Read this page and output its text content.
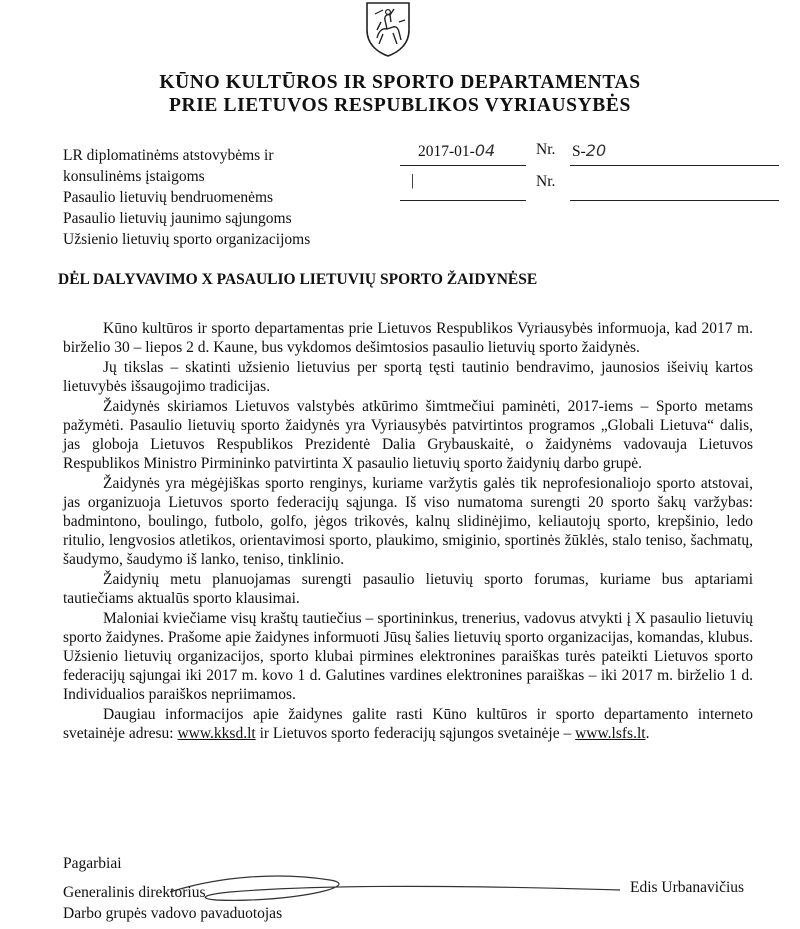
KŪNO KULTŪROS IR SPORTO DEPARTAMENTAS
PRIE LIETUVOS RESPUBLIKOS VYRIAUSYBĖS
LR diplomatinėms atstovybėms ir
konsulinėms įstaigoms
Pasaulio lietuvių bendruomenėms
Pasaulio lietuvių jaunimo sąjungoms
Užsienio lietuvių sporto organizacijoms
2017-01-04	Nr. S-20
|	Nr.
DĖL DALYVAVIMO X PASAULIO LIETUVIŲ SPORTO ŽAIDYNĖSE

Kūno kultūros ir sporto departamentas prie Lietuvos Respublikos Vyriausybės informuoja, kad 2017 m. birželio 30 – liepos 2 d. Kaune, bus vykdomos dešimtosios pasaulio lietuvių sporto žaidynės.

Jų tikslas – skatinti užsienio lietuvius per sportą tęsti tautinio bendravimo, jaunosios išeivių kartos lietuvybės išsaugojimo tradicijas.

Žaidynės skiriamos Lietuvos valstybės atkūrimo šimtmečiui paminėti, 2017-iems – Sporto metams pažymėti. Pasaulio lietuvių sporto žaidynės yra Vyriausybės patvirtintos programos „Globali Lietuva“ dalis, jas globoja Lietuvos Respublikos Prezidentė Dalia Grybauskaitė, o žaidynėms vadovauja Lietuvos Respublikos Ministro Pirmininko patvirtinta X pasaulio lietuvių sporto žaidynių darbo grupė.

Žaidynės yra mėgėjiškas sporto renginys, kuriame varžytis galės tik neprofesionaliojo sporto atstovai, jas organizuoja Lietuvos sporto federacijų sąjunga. Iš viso numatoma surengti 20 sporto šakų varžybas: badmintono, boulingo, futbolo, golfo, jėgos trikovės, kalnų slidinėjimo, keliautojų sporto, krepšinio, ledo ritulio, lengvosios atletikos, orientavimosi sporto, plaukimo, smiginio, sportinės žūklės, stalo teniso, šachmatų, šaudymo, šaudymo iš lanko, teniso, tinklinio.

Žaidynių metu planuojamas surengti pasaulio lietuvių sporto forumas, kuriame bus aptariami tautiečiams aktualūs sporto klausimai.

Maloniai kviečiame visų kraštų tautiečius – sportininkus, trenerius, vadovus atvykti į X pasaulio lietuvių sporto žaidynes. Prašome apie žaidynes informuoti Jūsų šalies lietuvių sporto organizacijas, komandas, klubus. Užsienio lietuvių organizacijos, sporto klubai pirmines elektronines paraiškas turės pateikti Lietuvos sporto federacijų sąjungai iki 2017 m. kovo 1 d. Galutines vardines elektronines paraiškas – iki 2017 m. birželio 1 d. Individualios paraiškos nepriimamos.

Daugiau informacijos apie žaidynes galite rasti Kūno kultūros ir sporto departamento interneto svetainėje adresu: www.kksd.lt ir Lietuvos sporto federacijų sąjungos svetainėje – www.lsfs.lt.

Pagarbiai
Generalinis direktorius
Darbo grupės vadovo pavaduotojas
Edis Urbanavičius
